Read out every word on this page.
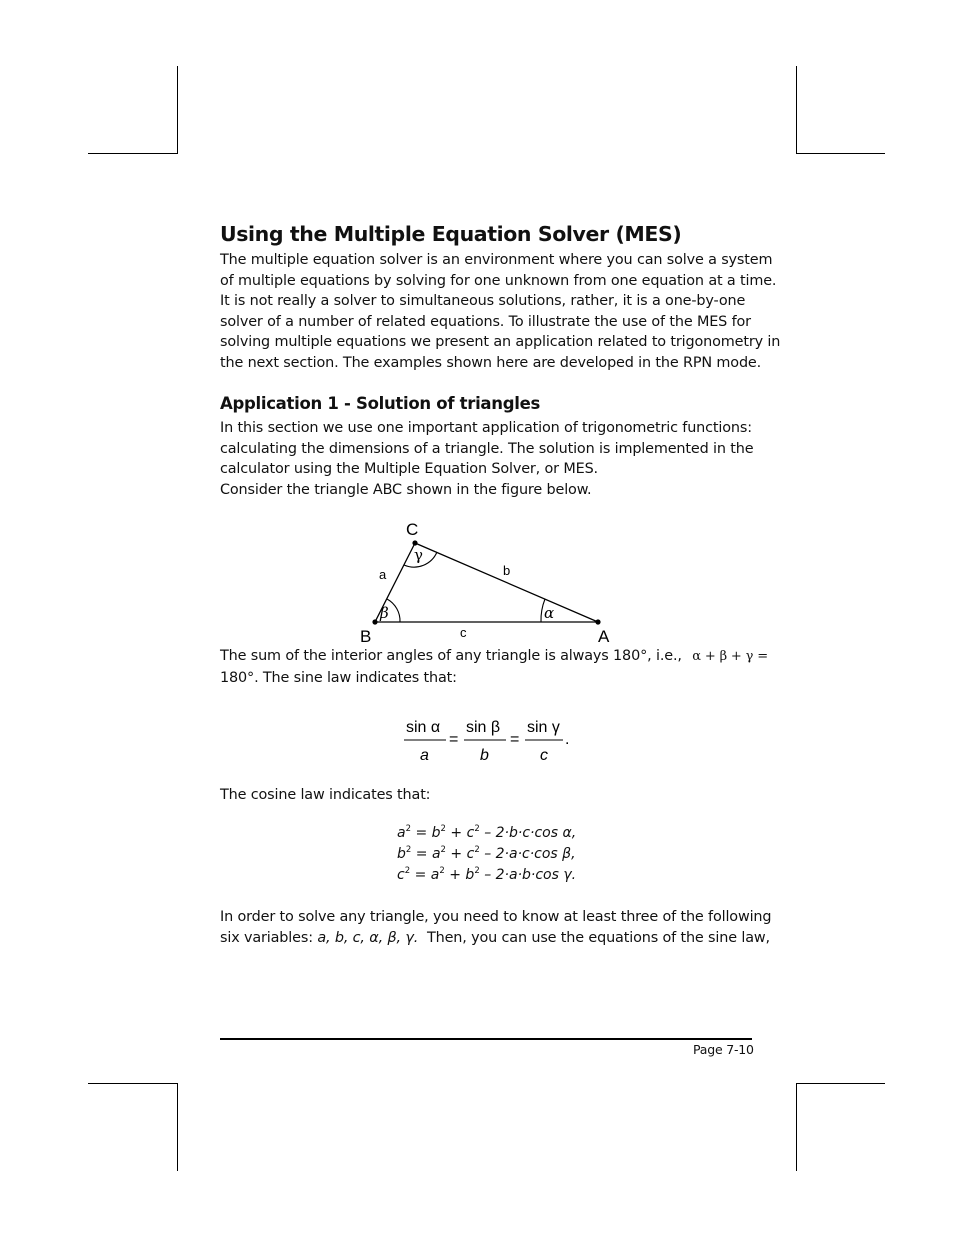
Using the Multiple Equation Solver (MES)

The multiple equation solver is an environment where you can solve a system
of multiple equations by solving for one unknown from one equation at a time.
It is not really a solver to simultaneous solutions, rather, it is a one-by-one
solver of a number of related equations. To illustrate the use of the MES for
solving multiple equations we present an application related to trigonometry in
the next section. The examples shown here are developed in the RPN mode.

Application 1 - Solution of triangles

In this section we use one important application of trigonometric functions:
calculating the dimensions of a triangle. The solution is implemented in the
calculator using the Multiple Equation Solver, or MES.
Consider the triangle ABC shown in the figure below.

C
B	A
a	b
c
γ
β	α

The sum of the interior angles of any triangle is always 180°, i.e., α + β + γ =
180°. The sine law indicates that:

sin α
a
=
sin β
b
=
sin γ
c
.

The cosine law indicates that:

$a^2 = b^2 + c^2 - 2\cdot b\cdot c\cdot\cos$ α,
$b^2 = a^2 + c^2 - 2\cdot a\cdot c\cdot\cos$ β,
$c^2 = a^2 + b^2 - 2\cdot a\cdot b\cdot\cos$ γ.

In order to solve any triangle, you need to know at least three of the following
six variables: a, b, c, α, β, γ.  Then, you can use the equations of the sine law,

Page 7-10
